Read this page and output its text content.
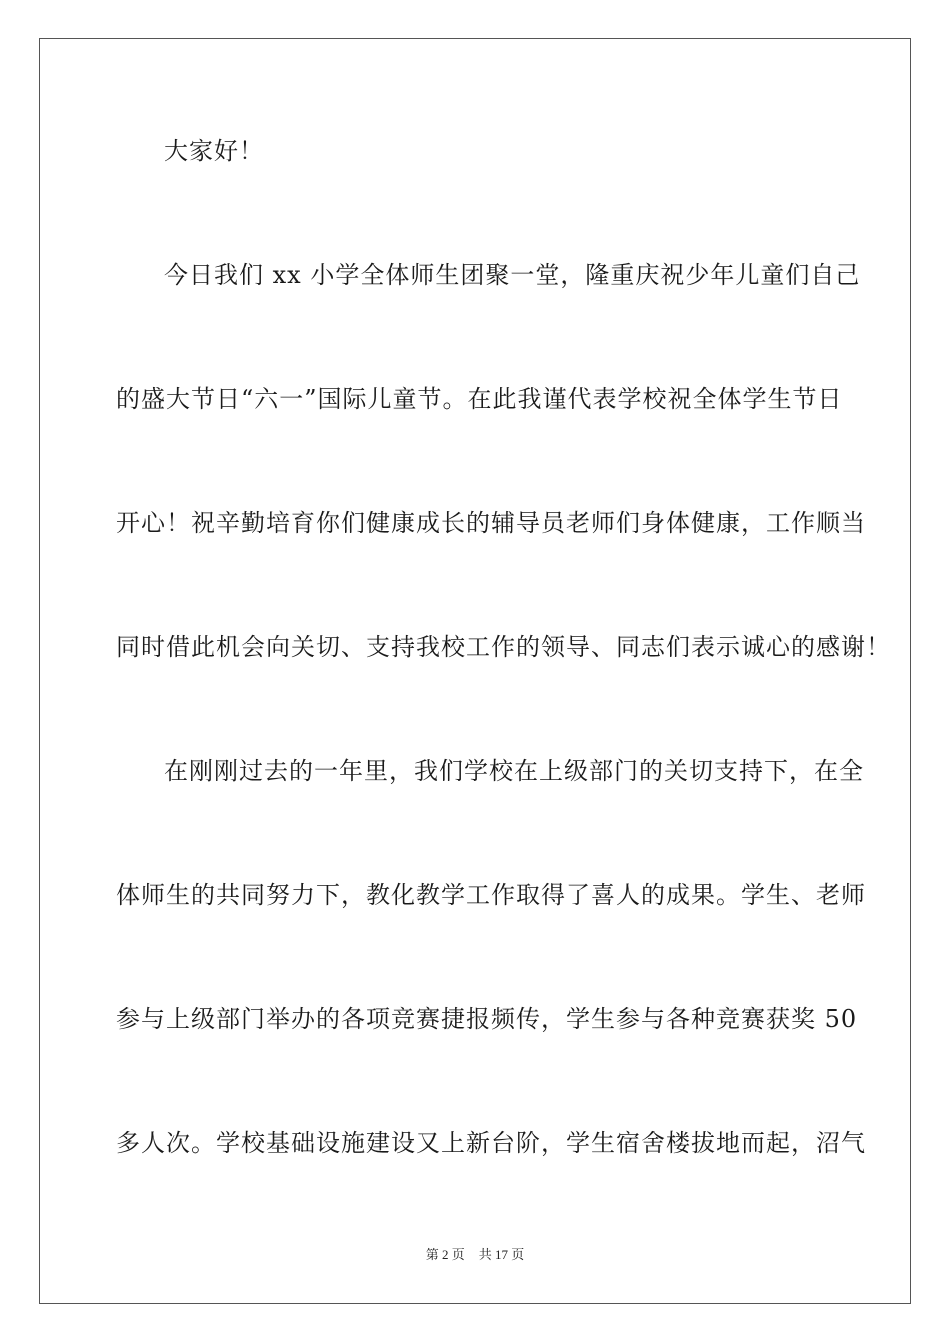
大家好！
今日我们 xx 小学全体师生团聚一堂，隆重庆祝少年儿童们自己
的盛大节日“六一”国际儿童节。在此我谨代表学校祝全体学生节日
开心！祝辛勤培育你们健康成长的辅导员老师们身体健康，工作顺当
同时借此机会向关切、支持我校工作的领导、同志们表示诚心的感谢！
在刚刚过去的一年里，我们学校在上级部门的关切支持下，在全
体师生的共同努力下，教化教学工作取得了喜人的成果。学生、老师
参与上级部门举办的各项竞赛捷报频传，学生参与各种竞赛获奖 50
多人次。学校基础设施建设又上新台阶，学生宿舍楼拔地而起，沼气
第 2 页 共 17 页
